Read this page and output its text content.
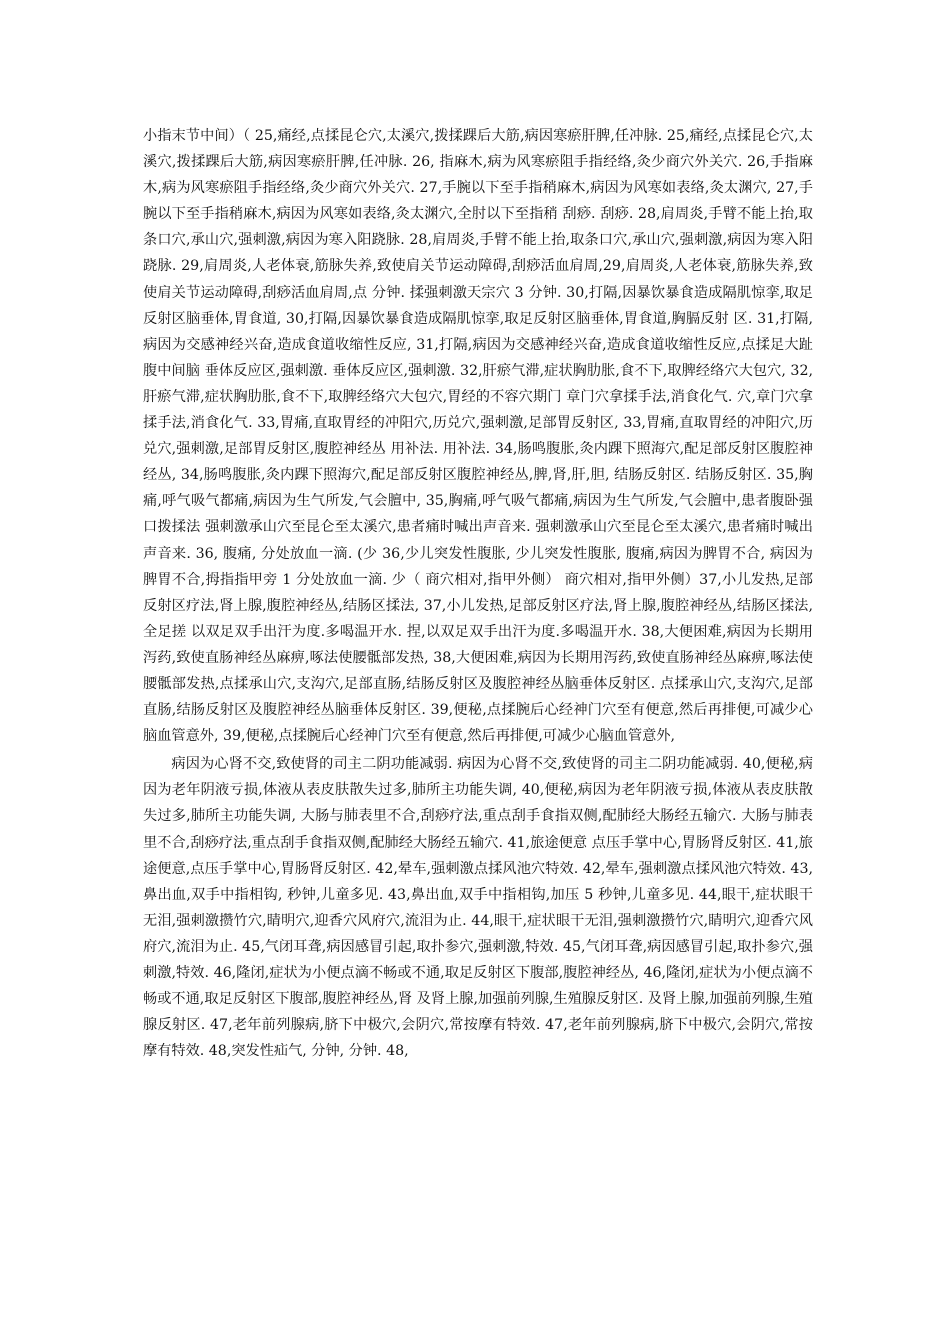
小指末节中间）（ 25,痛经,点揉昆仑穴,太溪穴,拨揉踝后大筋,病因寒瘀肝脾,任冲脉. 25,痛经,点揉昆仑穴,太溪穴,拨揉踝后大筋,病因寒瘀肝脾,任冲脉. 26, 指麻木,病为风寒瘀阻手指经络,灸少商穴外关穴. 26,手指麻木,病为风寒瘀阻手指经络,灸少商穴外关穴. 27,手腕以下至手指稍麻木,病因为风寒如表络,灸太渊穴, 27,手腕以下至手指稍麻木,病因为风寒如表络,灸太渊穴,全肘以下至指稍 刮痧. 刮痧. 28,肩周炎,手臂不能上抬,取条口穴,承山穴,强刺激,病因为寒入阳跷脉. 28,肩周炎,手臂不能上抬,取条口穴,承山穴,强刺激,病因为寒入阳跷脉. 29,肩周炎,人老体衰,筋脉失养,致使肩关节运动障碍,刮痧活血肩周,29,肩周炎,人老体衰,筋脉失养,致使肩关节运动障碍,刮痧活血肩周,点 分钟. 揉强刺激天宗穴 3 分钟. 30,打隔,因暴饮暴食造成隔肌惊挛,取足反射区脑垂体,胃食道, 30,打隔,因暴饮暴食造成隔肌惊挛,取足反射区脑垂体,胃食道,胸膈反射 区. 31,打隔,病因为交感神经兴奋,造成食道收缩性反应, 31,打隔,病因为交感神经兴奋,造成食道收缩性反应,点揉足大趾腹中间脑 垂体反应区,强刺激. 垂体反应区,强刺激. 32,肝瘀气滞,症状胸肋胀,食不下,取脾经络穴大包穴, 32,肝瘀气滞,症状胸肋胀,食不下,取脾经络穴大包穴,胃经的不容穴期门 章门穴拿揉手法,消食化气. 穴,章门穴拿揉手法,消食化气. 33,胃痛,直取胃经的冲阳穴,历兑穴,强刺激,足部胃反射区, 33,胃痛,直取胃经的冲阳穴,历兑穴,强刺激,足部胃反射区,腹腔神经丛 用补法. 用补法. 34,肠鸣腹胀,灸内踝下照海穴,配足部反射区腹腔神经丛, 34,肠鸣腹胀,灸内踝下照海穴,配足部反射区腹腔神经丛,脾,肾,肝,胆, 结肠反射区. 结肠反射区. 35,胸痛,呼气吸气都痛,病因为生气所发,气会膻中, 35,胸痛,呼气吸气都痛,病因为生气所发,气会膻中,患者腹卧强口拨揉法 强刺激承山穴至昆仑至太溪穴,患者痛时喊出声音来. 强刺激承山穴至昆仑至太溪穴,患者痛时喊出声音来. 36, 腹痛, 分处放血一滴. (少 36,少儿突发性腹胀, 少儿突发性腹胀, 腹痛,病因为脾胃不合, 病因为脾胃不合,拇指指甲旁 1 分处放血一滴. 少（ 商穴相对,指甲外侧） 商穴相对,指甲外侧）37,小儿发热,足部反射区疗法,肾上腺,腹腔神经丛,结肠区揉法, 37,小儿发热,足部反射区疗法,肾上腺,腹腔神经丛,结肠区揉法,全足搓 以双足双手出汗为度.多喝温开水. 捏,以双足双手出汗为度.多喝温开水. 38,大便困难,病因为长期用泻药,致使直肠神经丛麻痹,啄法使腰骶部发热, 38,大便困难,病因为长期用泻药,致使直肠神经丛麻痹,啄法使腰骶部发热,点揉承山穴,支沟穴,足部直肠,结肠反射区及腹腔神经丛脑垂体反射区. 点揉承山穴,支沟穴,足部直肠,结肠反射区及腹腔神经丛脑垂体反射区. 39,便秘,点揉腕后心经神门穴至有便意,然后再排便,可减少心脑血管意外, 39,便秘,点揉腕后心经神门穴至有便意,然后再排便,可减少心脑血管意外,

病因为心肾不交,致使肾的司主二阴功能减弱. 病因为心肾不交,致使肾的司主二阴功能减弱. 40,便秘,病因为老年阴液亏损,体液从表皮肤散失过多,肺所主功能失调, 40,便秘,病因为老年阴液亏损,体液从表皮肤散失过多,肺所主功能失调, 大肠与肺表里不合,刮痧疗法,重点刮手食指双侧,配肺经大肠经五输穴. 大肠与肺表里不合,刮痧疗法,重点刮手食指双侧,配肺经大肠经五输穴. 41,旅途便意 点压手掌中心,胃肠肾反射区. 41,旅途便意,点压手掌中心,胃肠肾反射区. 42,晕车,强刺激点揉风池穴特效. 42,晕车,强刺激点揉风池穴特效. 43,鼻出血,双手中指相钩, 秒钟,儿童多见. 43,鼻出血,双手中指相钩,加压 5 秒钟,儿童多见. 44,眼干,症状眼干无泪,强刺激攒竹穴,睛明穴,迎香穴风府穴,流泪为止. 44,眼干,症状眼干无泪,强刺激攒竹穴,睛明穴,迎香穴风府穴,流泪为止. 45,气闭耳聋,病因感冒引起,取扑参穴,强刺激,特效. 45,气闭耳聋,病因感冒引起,取扑参穴,强刺激,特效. 46,隆闭,症状为小便点滴不畅或不通,取足反射区下腹部,腹腔神经丛, 46,隆闭,症状为小便点滴不畅或不通,取足反射区下腹部,腹腔神经丛,肾 及肾上腺,加强前列腺,生殖腺反射区. 及肾上腺,加强前列腺,生殖腺反射区. 47,老年前列腺病,脐下中极穴,会阴穴,常按摩有特效. 47,老年前列腺病,脐下中极穴,会阴穴,常按摩有特效. 48,突发性疝气, 分钟, 分钟. 48,
